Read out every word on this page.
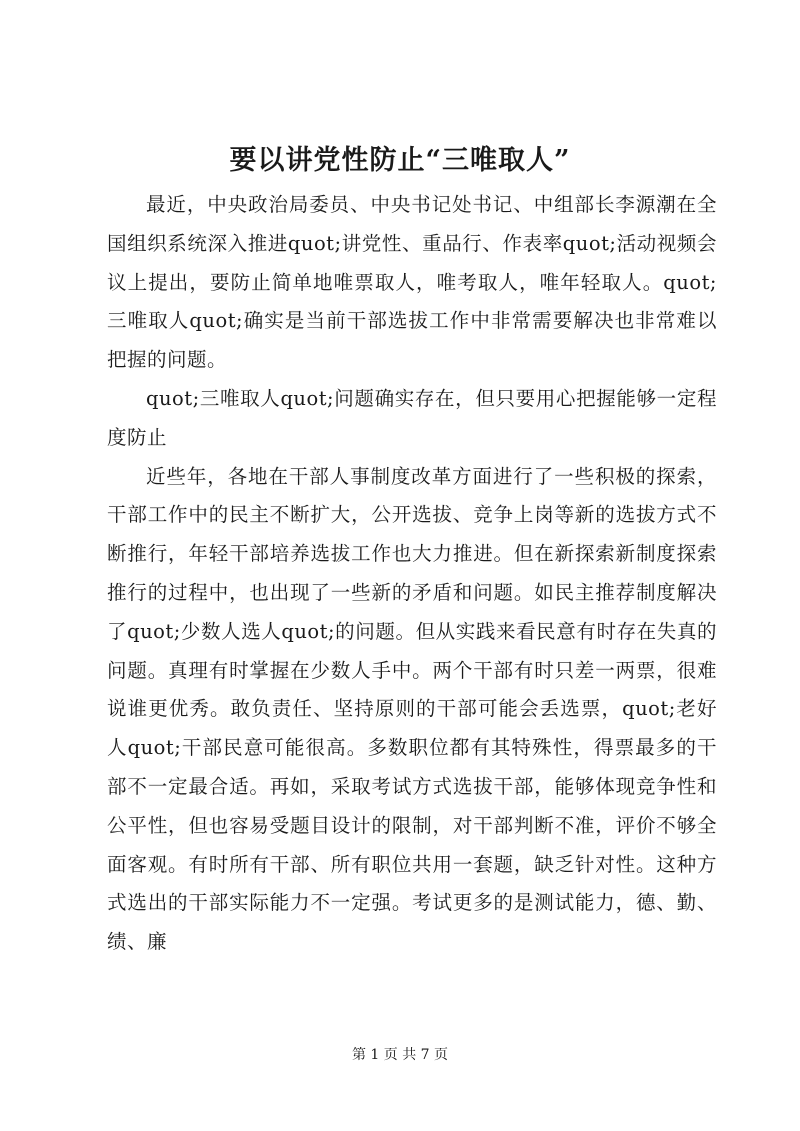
要以讲党性防止“三唯取人”

最近，中央政治局委员、中央书记处书记、中组部长李源潮在全国组织系统深入推进quot;讲党性、重品行、作表率quot;活动视频会议上提出，要防止简单地唯票取人，唯考取人，唯年轻取人。quot;三唯取人quot;确实是当前干部选拔工作中非常需要解决也非常难以把握的问题。

quot;三唯取人quot;问题确实存在，但只要用心把握能够一定程度防止

近些年，各地在干部人事制度改革方面进行了一些积极的探索，干部工作中的民主不断扩大，公开选拔、竞争上岗等新的选拔方式不断推行，年轻干部培养选拔工作也大力推进。但在新探索新制度探索推行的过程中，也出现了一些新的矛盾和问题。如民主推荐制度解决了quot;少数人选人quot;的问题。但从实践来看民意有时存在失真的问题。真理有时掌握在少数人手中。两个干部有时只差一两票，很难说谁更优秀。敢负责任、坚持原则的干部可能会丢选票，quot;老好人quot;干部民意可能很高。多数职位都有其特殊性，得票最多的干部不一定最合适。再如，采取考试方式选拔干部，能够体现竞争性和公平性，但也容易受题目设计的限制，对干部判断不准，评价不够全面客观。有时所有干部、所有职位共用一套题，缺乏针对性。这种方式选出的干部实际能力不一定强。考试更多的是测试能力，德、勤、绩、廉

第 1 页 共 7 页
